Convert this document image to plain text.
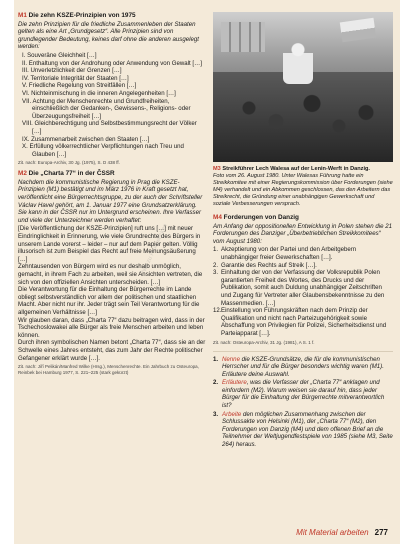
M1 Die zehn KSZE-Prinzipien von 1975

Die zehn Prinzipien für die friedliche Zusammenleben der Staaten gelten als eine Art „Grundgesetz“. Alle Prinzipien sind von grundlegender Bedeutung, keines darf ohne die anderen ausgelegt werden:

I. Souveräne Gleichheit […]
II. Enthaltung von der Androhung oder Anwendung von Gewalt […]
III. Unverletzlichkeit der Grenzen […]
IV. Territoriale Integrität der Staaten […]
V. Friedliche Regelung von Streitfällen […]
VI. Nichteinmischung in die inneren Angelegenheiten […]
VII. Achtung der Menschenrechte und Grundfreiheiten, einschließlich der Gedanken-, Gewissens-, Religions- oder Überzeugungsfreiheit […]
VIII. Gleichberechtigung und Selbstbestimmungsrecht der Völker […]
IX. Zusammenarbeit zwischen den Staaten […]
X. Erfüllung völkerrechtlicher Verpflichtungen nach Treu und Glauben […]

Zit. nach: Europa-Archiv, 30 Jg. (1975), S. D 438 ff.

M2 Die „Charta 77“ in der ČSSR

Nachdem die kommunistische Regierung in Prag die KSZE-Prinzipien (M1) bestätigt und im März 1976 in Kraft gesetzt hat, veröffentlicht eine Bürgerrechtsgruppe, zu der auch der Schriftsteller Václav Havel gehört, am 1. Januar 1977 eine Grundsatzerklärung. Sie kann in der ČSSR nur im Untergrund erscheinen. Ihre Verfasser und viele der Unterzeichner werden verhaftet:

[Die Veröffentlichung der KSZE-Prinzipien] ruft uns […] mit neuer Eindringlichkeit in Erinnerung, wie viele Grundrechte des Bürgers in unserem Lande vorerst – leider – nur auf dem Papier gelten. Völlig illusorisch ist zum Beispiel das Recht auf freie Meinungsäußerung […]

Zehntausenden von Bürgern wird es nur deshalb unmöglich, gemacht, in ihrem Fach zu arbeiten, weil sie Ansichten vertreten, die sich von den offiziellen Ansichten unterscheiden. […]

Die Verantwortung für die Einhaltung der Bürgerrechte im Lande obliegt selbstverständlich vor allem der politischen und staatlichen Macht. Aber nicht nur ihr. Jeder trägt sein Teil Verantwortung für die allgemeinen Verhältnisse […]

Wir glauben daran, dass „Charta 77“ dazu beitragen wird, dass in der Tschechoslowakei alle Bürger als freie Menschen arbeiten und leben können.

Durch ihren symbolischen Namen betont „Charta 77“, dass sie an der Schwelle eines Jahres entsteht, das zum Jahr der Rechte politischer Gefangener erklärt wurde […].

Zit. nach: Jiří Pelikán/Manfred Wilke (Hrsg.), Menschenrechte. Ein Jahrbuch zu Osteuropa, Reinbek bei Hamburg 1977, S. 221–225 (stark gekürzt)

M3 Streikführer Lech Walesa auf der Lenin-Werft in Danzig.

Foto vom 26. August 1980. Unter Walesas Führung hatte ein Streikkomitee mit einer Regierungskommission über Forderungen (siehe M4) verhandelt und ein Abkommen geschlossen, das den Arbeitern das Streikrecht, die Gründung einer unabhängigen Gewerkschaft und soziale Verbesserungen versprach.

M4 Forderungen von Danzig

Am Anfang der oppositionellen Entwicklung in Polen stehen die 21 Forderungen des Danziger „Überbetrieblichen Streikkomitees“ vom August 1980:

1. Akzeptierung von der Partei und den Arbeitgebern unabhängiger freier Gewerkschaften […].
2. Garantie des Rechts auf Streik […].
3. Einhaltung der von der Verfassung der Volksrepublik Polen garantierten Freiheit des Wortes, des Drucks und der Publikation, somit auch Duldung unabhängiger Zeitschriften und Zugang für Vertreter aller Glaubensbekenntnisse zu den Massenmedien. […]
12.Einstellung von Führungskräften nach dem Prinzip der Qualifikation und nicht nach Parteizugehörigkeit sowie Abschaffung von Privilegien für Polizei, Sicherheitsdienst und Parteiapparat […].

Zit. nach: Osteuropa-Archiv, 31 Jg. (1981), A S. 1 f.

1. Nenne die KSZE-Grundsätze, die für die kommunistischen Herrscher und für die Bürger besonders wichtig waren (M1). Erläutere deine Auswahl.
2. Erläutere, was die Verfasser der „Charta 77“ anklagen und einfordern (M2). Warum weisen sie darauf hin, dass jeder Bürger für die Einhaltung der Bürgerrechte mitverantwortlich ist?
3. Arbeite den möglichen Zusammenhang zwischen der Schlussakte von Helsinki (M1), der „Charta 77“ (M2), den Forderungen von Danzig (M4) und dem offenen Brief an die Teilnehmer der Weltjugendfestspiele von 1985 (siehe M3, Seite 264) heraus.
Nur zu Prüfzwecken
Mit Material arbeiten 277
